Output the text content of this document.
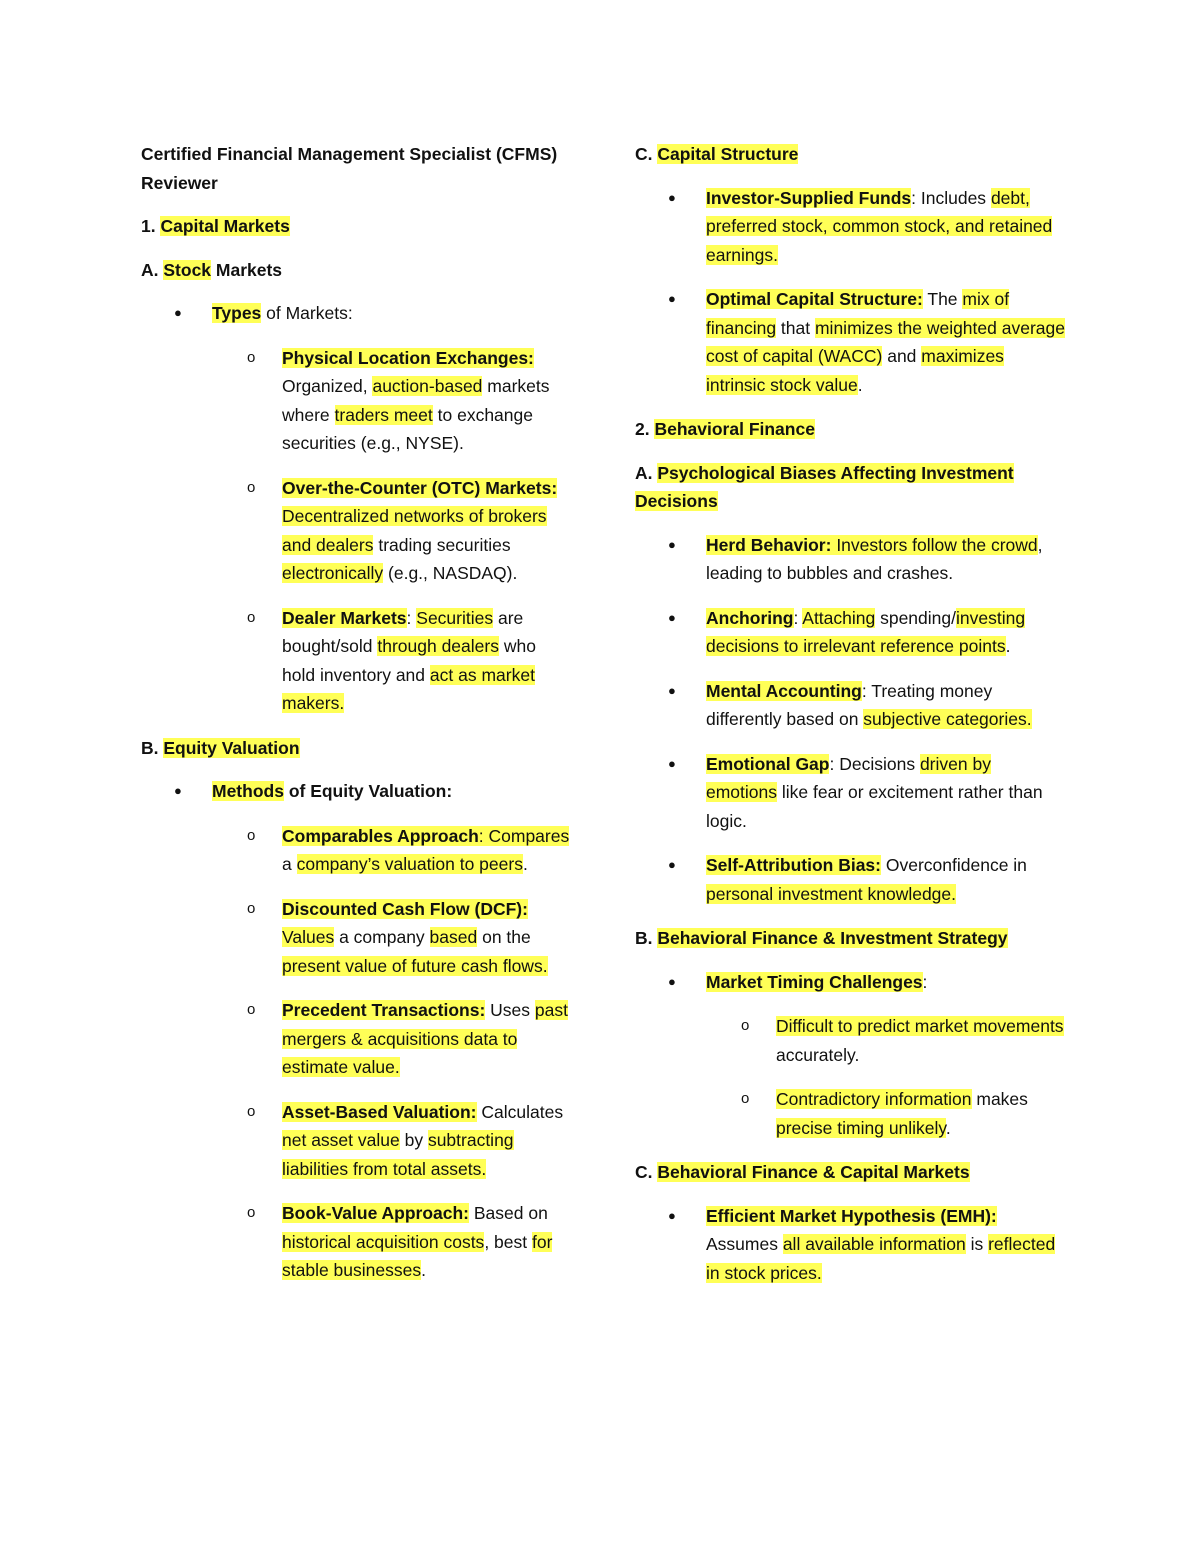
Certified Financial Management Specialist (CFMS) Reviewer

1. Capital Markets

A. Stock Markets

● Types of Markets:

o Physical Location Exchanges: Organized, auction-based markets where traders meet to exchange securities (e.g., NYSE).

o Over-the-Counter (OTC) Markets: Decentralized networks of brokers and dealers trading securities electronically (e.g., NASDAQ).

o Dealer Markets: Securities are bought/sold through dealers who hold inventory and act as market makers.

B. Equity Valuation

● Methods of Equity Valuation:

o Comparables Approach: Compares a company’s valuation to peers.

o Discounted Cash Flow (DCF): Values a company based on the present value of future cash flows.

o Precedent Transactions: Uses past mergers & acquisitions data to estimate value.

o Asset-Based Valuation: Calculates net asset value by subtracting liabilities from total assets.

o Book-Value Approach: Based on historical acquisition costs, best for stable businesses.

C. Capital Structure

● Investor-Supplied Funds: Includes debt, preferred stock, common stock, and retained earnings.

● Optimal Capital Structure: The mix of financing that minimizes the weighted average cost of capital (WACC) and maximizes intrinsic stock value.

2. Behavioral Finance

A. Psychological Biases Affecting Investment Decisions

● Herd Behavior: Investors follow the crowd, leading to bubbles and crashes.

● Anchoring: Attaching spending/investing decisions to irrelevant reference points.

● Mental Accounting: Treating money differently based on subjective categories.

● Emotional Gap: Decisions driven by emotions like fear or excitement rather than logic.

● Self-Attribution Bias: Overconfidence in personal investment knowledge.

B. Behavioral Finance & Investment Strategy

● Market Timing Challenges:

o Difficult to predict market movements accurately.

o Contradictory information makes precise timing unlikely.

C. Behavioral Finance & Capital Markets

● Efficient Market Hypothesis (EMH): Assumes all available information is reflected in stock prices.
